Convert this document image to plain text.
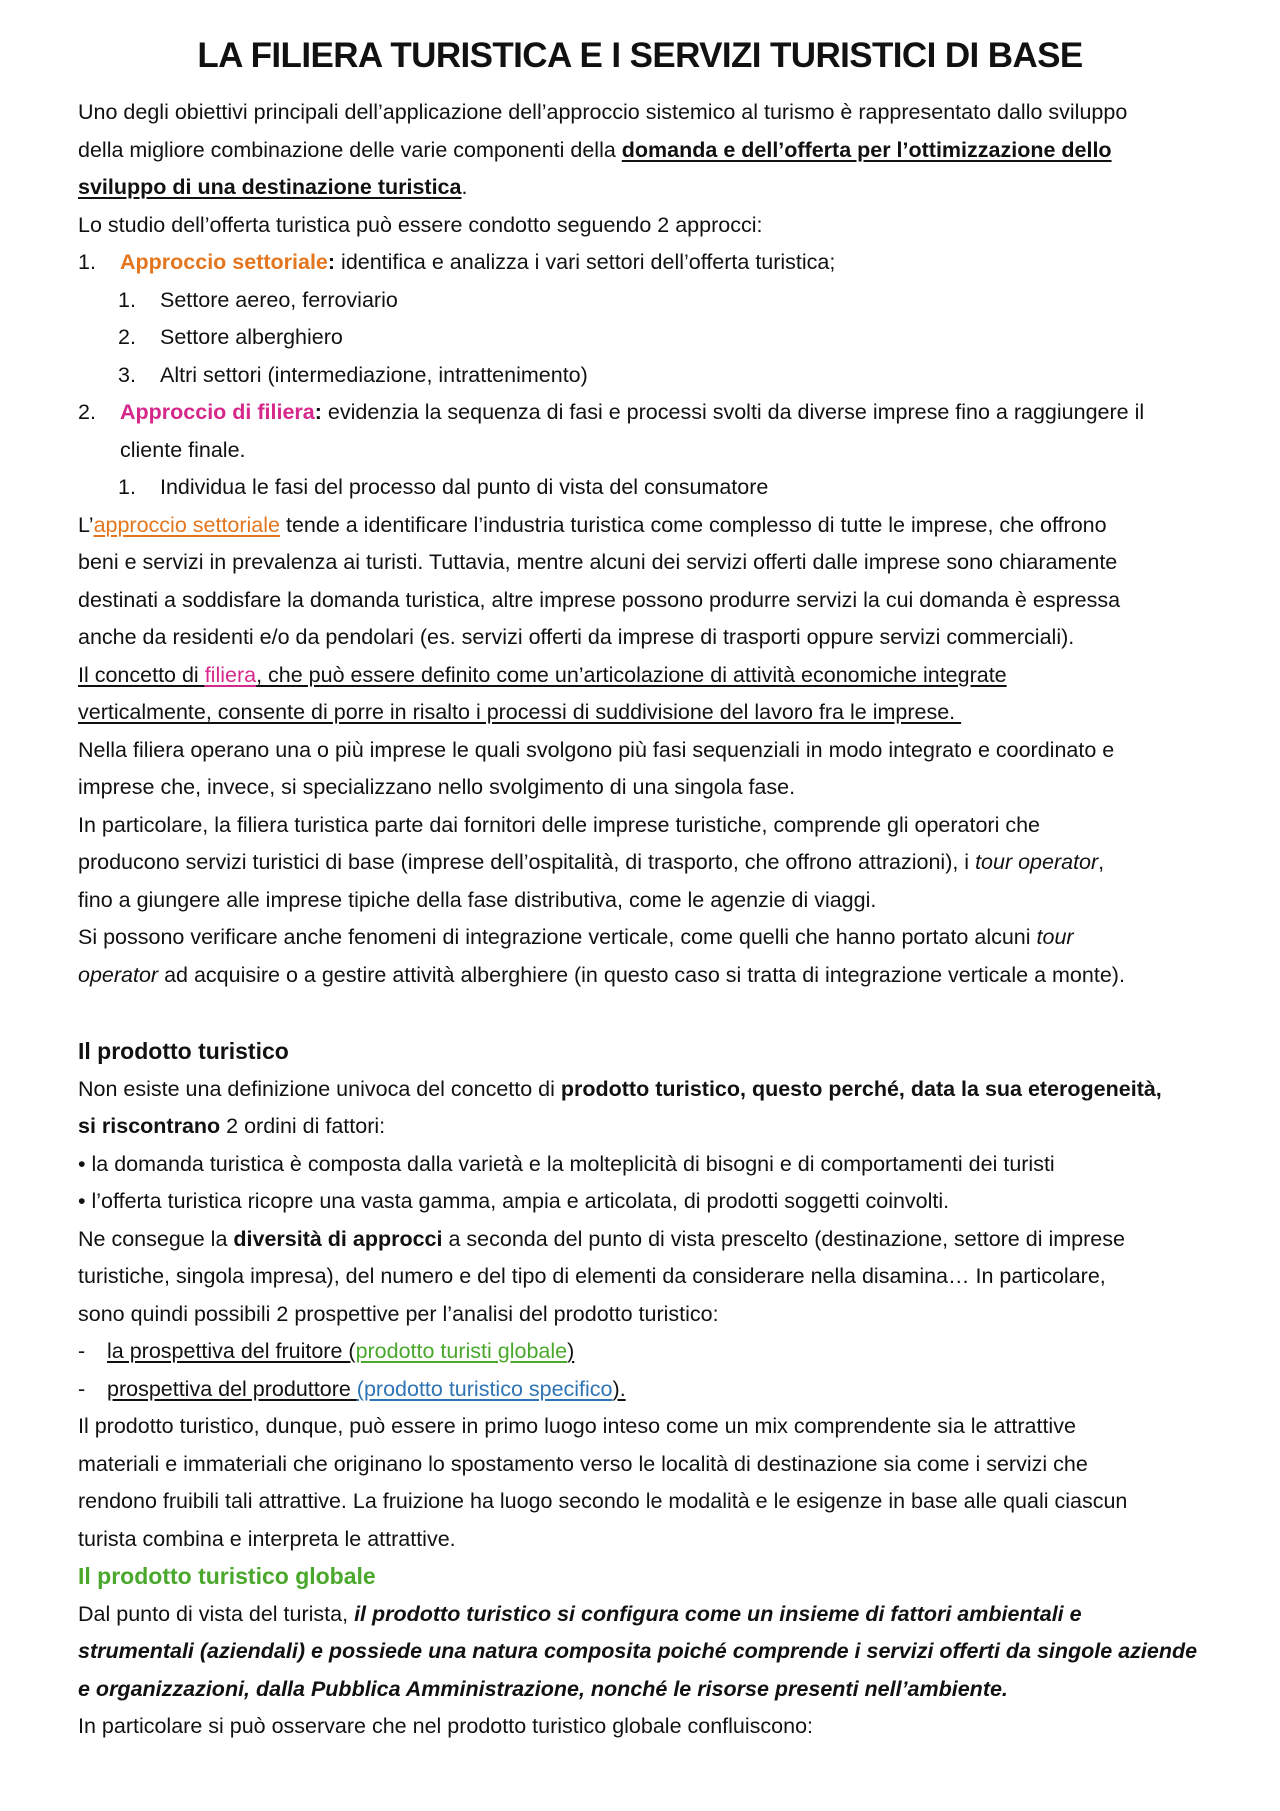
LA FILIERA TURISTICA E I SERVIZI TURISTICI DI BASE
Uno degli obiettivi principali dell’applicazione dell’approccio sistemico al turismo è rappresentato dallo sviluppo
della migliore combinazione delle varie componenti della domanda e dell’offerta per l’ottimizzazione dello
sviluppo di una destinazione turistica.
Lo studio dell’offerta turistica può essere condotto seguendo 2 approcci:
1. Approccio settoriale: identifica e analizza i vari settori dell’offerta turistica;
1. Settore aereo, ferroviario
2. Settore alberghiero
3. Altri settori (intermediazione, intrattenimento)
2. Approccio di filiera: evidenzia la sequenza di fasi e processi svolti da diverse imprese fino a raggiungere il
cliente finale.
1. Individua le fasi del processo dal punto di vista del consumatore
L’approccio settoriale tende a identificare l’industria turistica come complesso di tutte le imprese, che offrono
beni e servizi in prevalenza ai turisti. Tuttavia, mentre alcuni dei servizi offerti dalle imprese sono chiaramente
destinati a soddisfare la domanda turistica, altre imprese possono produrre servizi la cui domanda è espressa
anche da residenti e/o da pendolari (es. servizi offerti da imprese di trasporti oppure servizi commerciali).
Il concetto di filiera, che può essere definito come un’articolazione di attività economiche integrate
verticalmente, consente di porre in risalto i processi di suddivisione del lavoro fra le imprese.
Nella filiera operano una o più imprese le quali svolgono più fasi sequenziali in modo integrato e coordinato e
imprese che, invece, si specializzano nello svolgimento di una singola fase.
In particolare, la filiera turistica parte dai fornitori delle imprese turistiche, comprende gli operatori che
producono servizi turistici di base (imprese dell’ospitalità, di trasporto, che offrono attrazioni), i tour operator,
fino a giungere alle imprese tipiche della fase distributiva, come le agenzie di viaggi.
Si possono verificare anche fenomeni di integrazione verticale, come quelli che hanno portato alcuni tour
operator ad acquisire o a gestire attività alberghiere (in questo caso si tratta di integrazione verticale a monte).
Il prodotto turistico
Non esiste una definizione univoca del concetto di prodotto turistico, questo perché, data la sua eterogeneità,
si riscontrano 2 ordini di fattori:
• la domanda turistica è composta dalla varietà e la molteplicità di bisogni e di comportamenti dei turisti
• l’offerta turistica ricopre una vasta gamma, ampia e articolata, di prodotti soggetti coinvolti.
Ne consegue la diversità di approcci a seconda del punto di vista prescelto (destinazione, settore di imprese
turistiche, singola impresa), del numero e del tipo di elementi da considerare nella disamina… In particolare,
sono quindi possibili 2 prospettive per l’analisi del prodotto turistico:
- la prospettiva del fruitore (prodotto turisti globale)
- prospettiva del produttore (prodotto turistico specifico).
Il prodotto turistico, dunque, può essere in primo luogo inteso come un mix comprendente sia le attrattive
materiali e immateriali che originano lo spostamento verso le località di destinazione sia come i servizi che
rendono fruibili tali attrattive. La fruizione ha luogo secondo le modalità e le esigenze in base alle quali ciascun
turista combina e interpreta le attrattive.
Il prodotto turistico globale
Dal punto di vista del turista, il prodotto turistico si configura come un insieme di fattori ambientali e
strumentali (aziendali) e possiede una natura composita poiché comprende i servizi offerti da singole aziende
e organizzazioni, dalla Pubblica Amministrazione, nonché le risorse presenti nell’ambiente.
In particolare si può osservare che nel prodotto turistico globale confluiscono:
